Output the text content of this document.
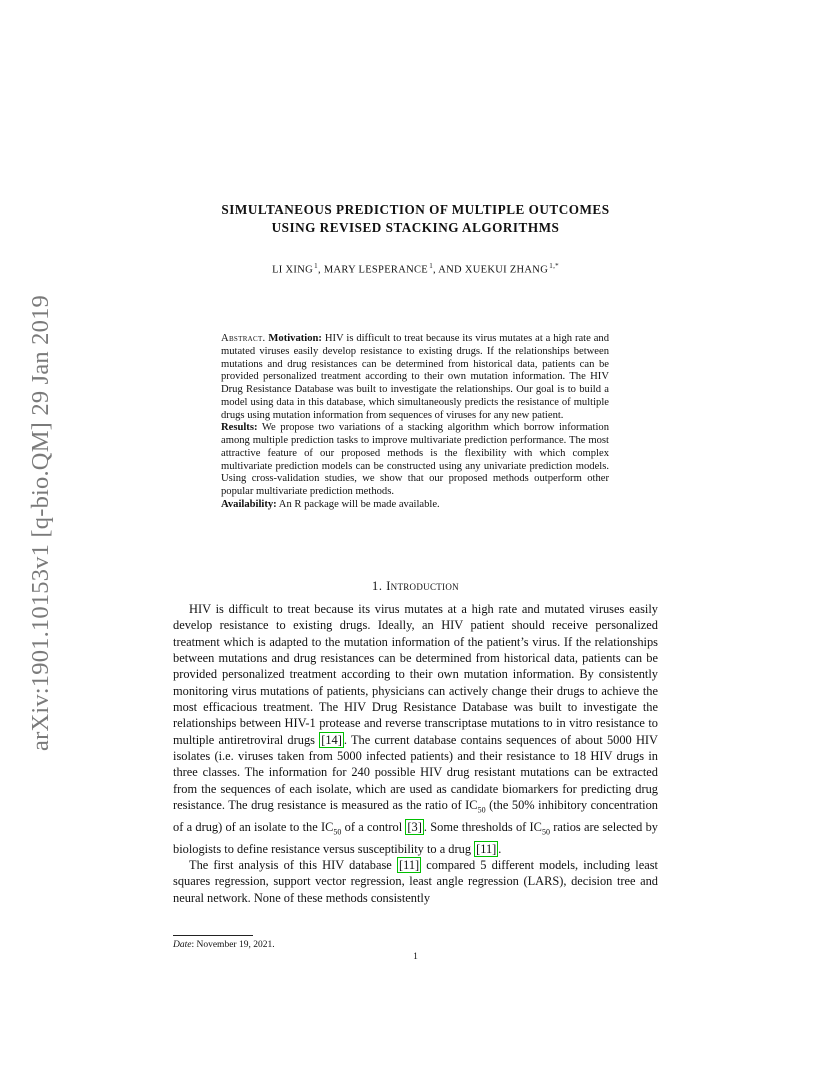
arXiv:1901.10153v1 [q-bio.QM] 29 Jan 2019
SIMULTANEOUS PREDICTION OF MULTIPLE OUTCOMES
USING REVISED STACKING ALGORITHMS
LI XING $^1$, MARY LESPERANCE $^1$, AND XUEKUI ZHANG $^{1,*}$

Abstract. Motivation: HIV is difficult to treat because its virus mutates at a high rate and mutated viruses easily develop resistance to existing drugs. If the relationships between mutations and drug resistances can be determined from historical data, patients can be provided personalized treatment according to their own mutation information. The HIV Drug Resistance Database was built to investigate the relationships. Our goal is to build a model using data in this database, which simultaneously predicts the resistance of multiple drugs using mutation information from sequences of viruses for any new patient.

Results: We propose two variations of a stacking algorithm which borrow information among multiple prediction tasks to improve multivariate prediction performance. The most attractive feature of our proposed methods is the flexibility with which complex multivariate prediction models can be constructed using any univariate prediction models. Using cross-validation studies, we show that our proposed methods outperform other popular multivariate prediction methods.

Availability: An R package will be made available.

1. Introduction

HIV is difficult to treat because its virus mutates at a high rate and mutated viruses easily develop resistance to existing drugs. Ideally, an HIV patient should receive personalized treatment which is adapted to the mutation information of the patient’s virus. If the relationships between mutations and drug resistances can be determined from historical data, patients can be provided personalized treatment according to their own mutation information. By consistently monitoring virus mutations of patients, physicians can actively change their drugs to achieve the most efficacious treatment. The HIV Drug Resistance Database was built to investigate the relationships between HIV-1 protease and reverse transcriptase mutations to in vitro resistance to multiple antiretroviral drugs [14] . The current database contains sequences of about 5000 HIV isolates (i.e. viruses taken from 5000 infected patients) and their resistance to 18 HIV drugs in three classes. The information for 240 possible HIV drug resistant mutations can be extracted from the sequences of each isolate, which are used as candidate biomarkers for predicting drug resistance. The drug resistance is measured as the ratio of $IC_{50}$ (the 50% inhibitory concentration of a drug) of an isolate to the $IC_{50}$ of a control [3] . Some thresholds of $IC_{50}$ ratios are selected by biologists to define resistance versus susceptibility to a drug [11] .

The first analysis of this HIV database [11] compared 5 different models, including least squares regression, support vector regression, least angle regression (LARS), decision tree and neural network. None of these methods consistently

Date: November 19, 2021.
1
